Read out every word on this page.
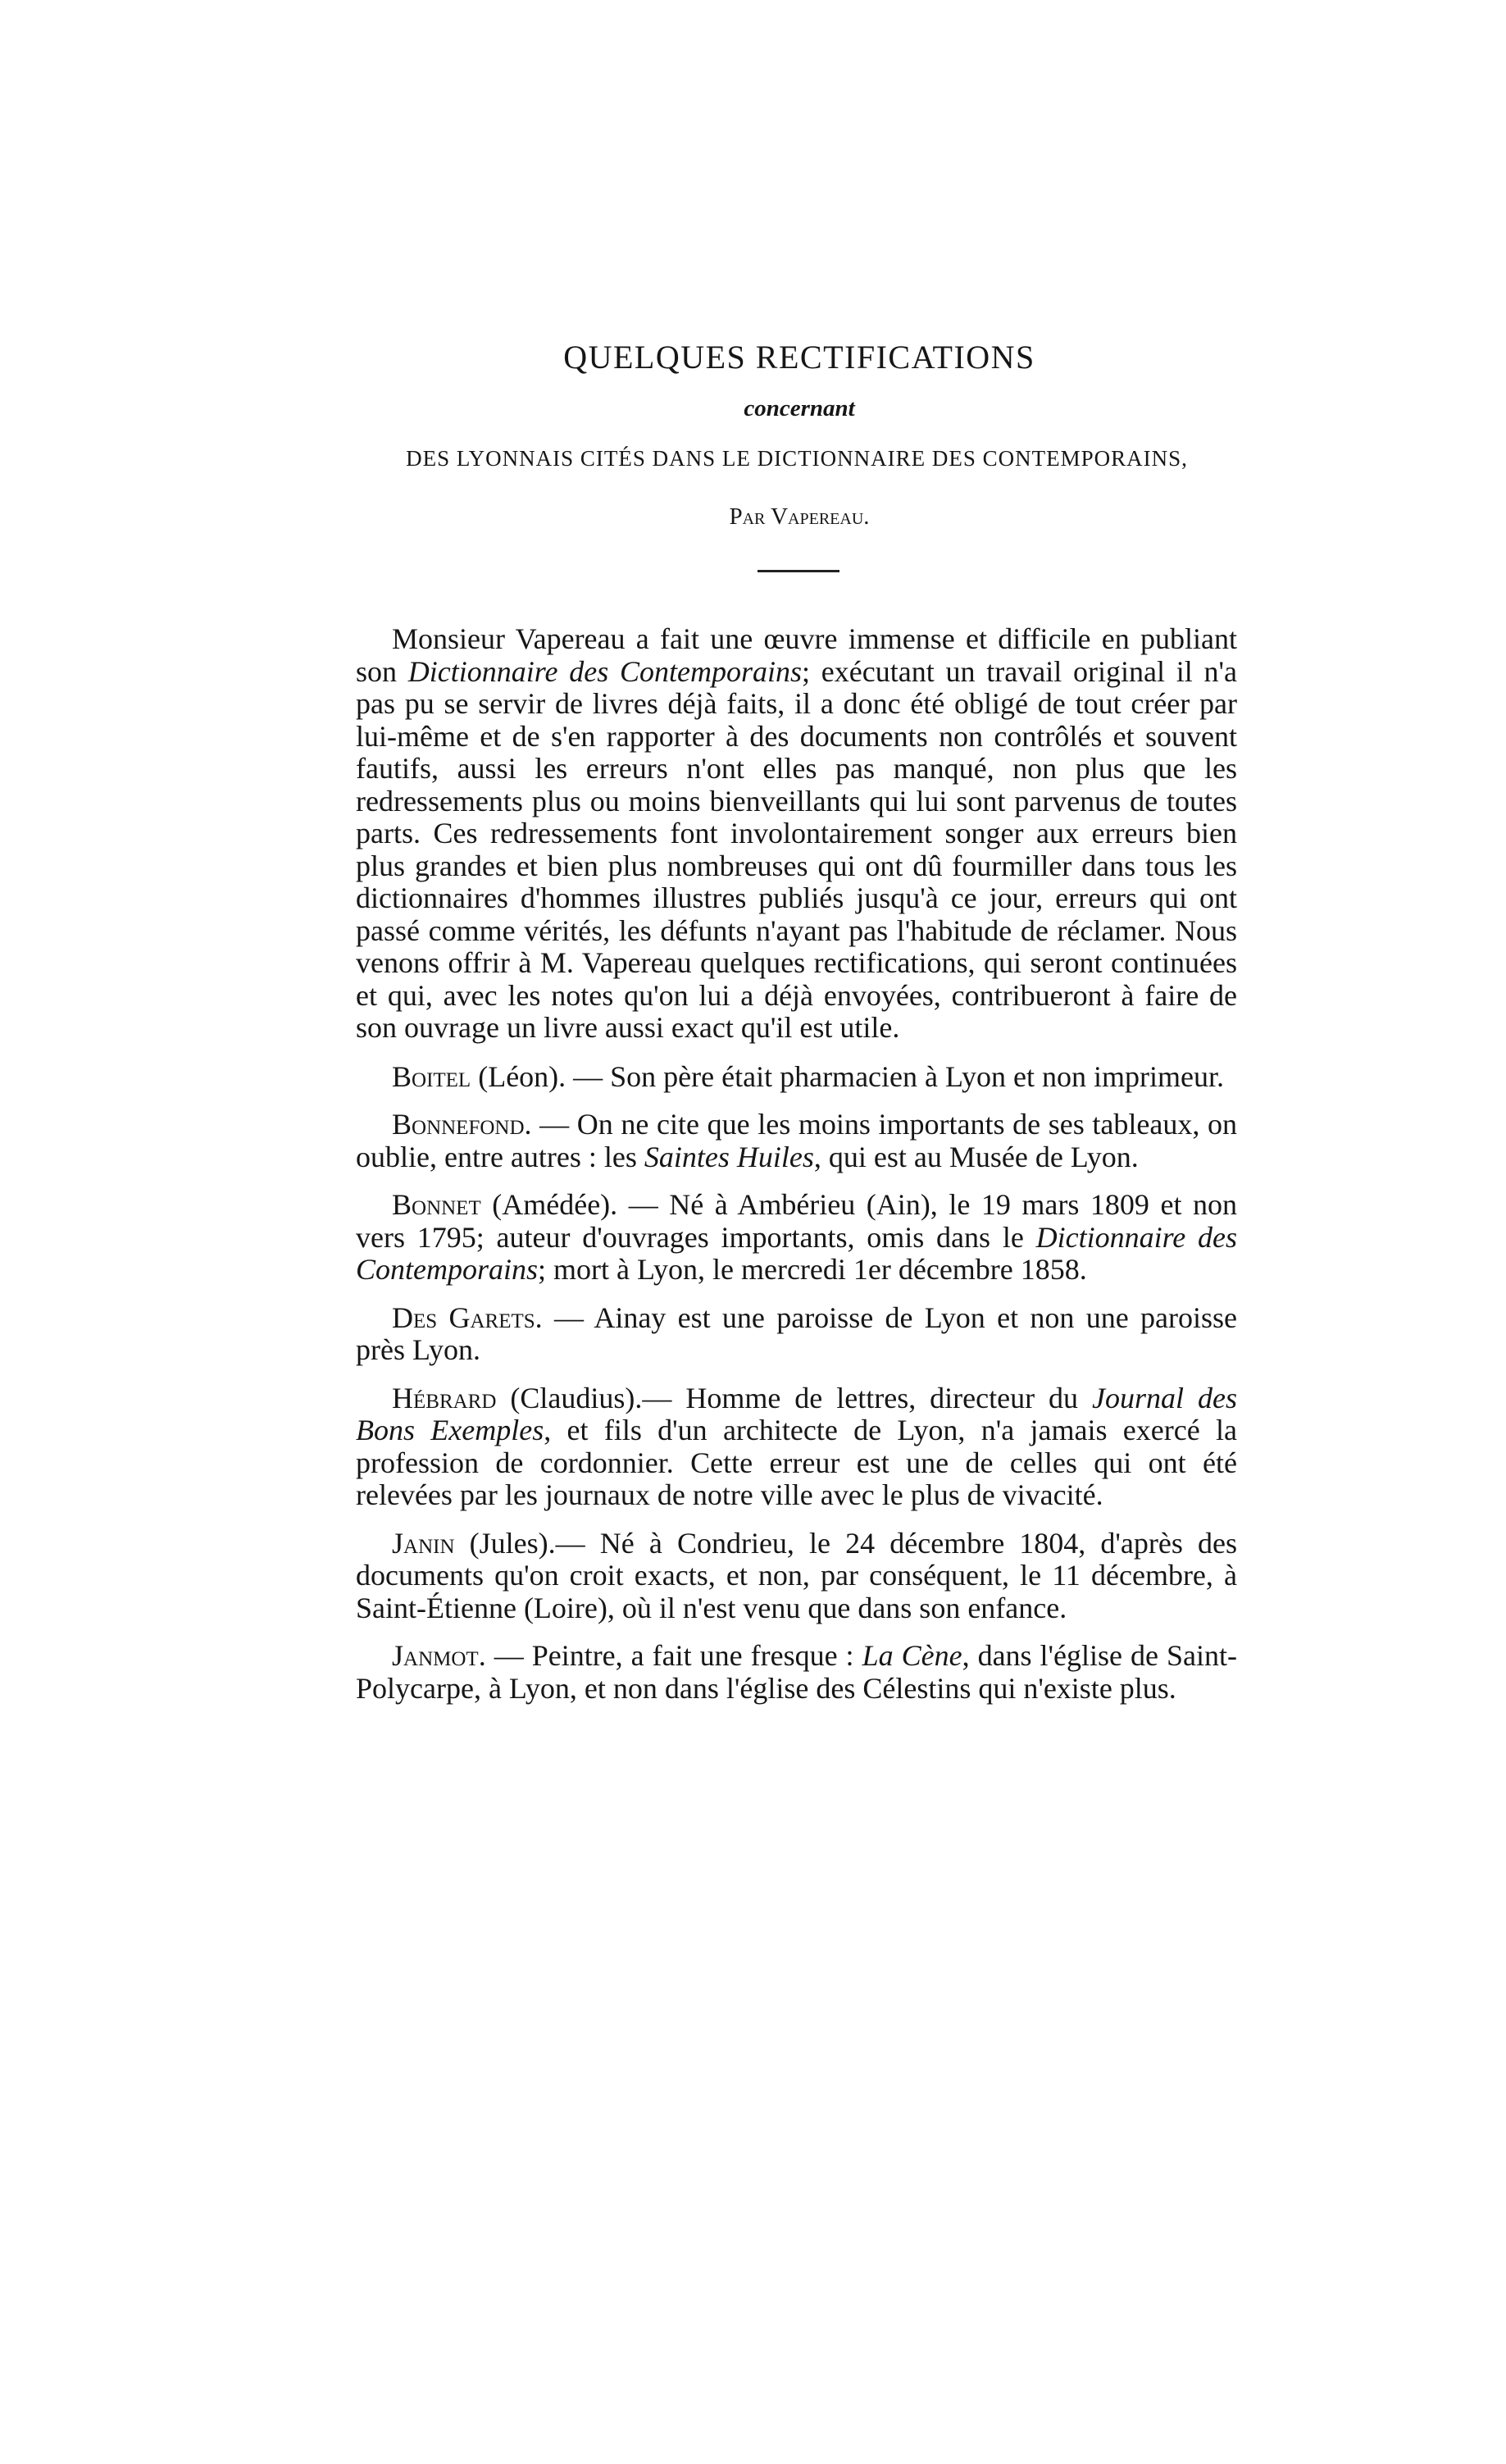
QUELQUES RECTIFICATIONS
concernant
DES LYONNAIS CITÉS DANS LE DICTIONNAIRE DES CONTEMPORAINS,
Par Vapereau.

Monsieur Vapereau a fait une œuvre immense et difficile en publiant son Dictionnaire des Contemporains; exécutant un travail original il n'a pas pu se servir de livres déjà faits, il a donc été obligé de tout créer par lui-même et de s'en rapporter à des documents non contrôlés et souvent fautifs, aussi les erreurs n'ont elles pas manqué, non plus que les redressements plus ou moins bienveillants qui lui sont parvenus de toutes parts. Ces redressements font involontairement songer aux erreurs bien plus grandes et bien plus nombreuses qui ont dû fourmiller dans tous les dictionnaires d'hommes illustres publiés jusqu'à ce jour, erreurs qui ont passé comme vérités, les défunts n'ayant pas l'habitude de réclamer. Nous venons offrir à M. Vapereau quelques rectifications, qui seront continuées et qui, avec les notes qu'on lui a déjà envoyées, contribueront à faire de son ouvrage un livre aussi exact qu'il est utile.

Boitel (Léon). — Son père était pharmacien à Lyon et non imprimeur.

Bonnefond. — On ne cite que les moins importants de ses tableaux, on oublie, entre autres : les Saintes Huiles, qui est au Musée de Lyon.

Bonnet (Amédée). — Né à Ambérieu (Ain), le 19 mars 1809 et non vers 1795; auteur d'ouvrages importants, omis dans le Dictionnaire des Contemporains; mort à Lyon, le mercredi 1er décembre 1858.

Des Garets. — Ainay est une paroisse de Lyon et non une paroisse près Lyon.

Hébrard (Claudius).— Homme de lettres, directeur du Journal des Bons Exemples, et fils d'un architecte de Lyon, n'a jamais exercé la profession de cordonnier. Cette erreur est une de celles qui ont été relevées par les journaux de notre ville avec le plus de vivacité.

Janin (Jules).— Né à Condrieu, le 24 décembre 1804, d'après des documents qu'on croit exacts, et non, par conséquent, le 11 décembre, à Saint-Étienne (Loire), où il n'est venu que dans son enfance.

Janmot. — Peintre, a fait une fresque : La Cène, dans l'église de Saint-Polycarpe, à Lyon, et non dans l'église des Célestins qui n'existe plus.
